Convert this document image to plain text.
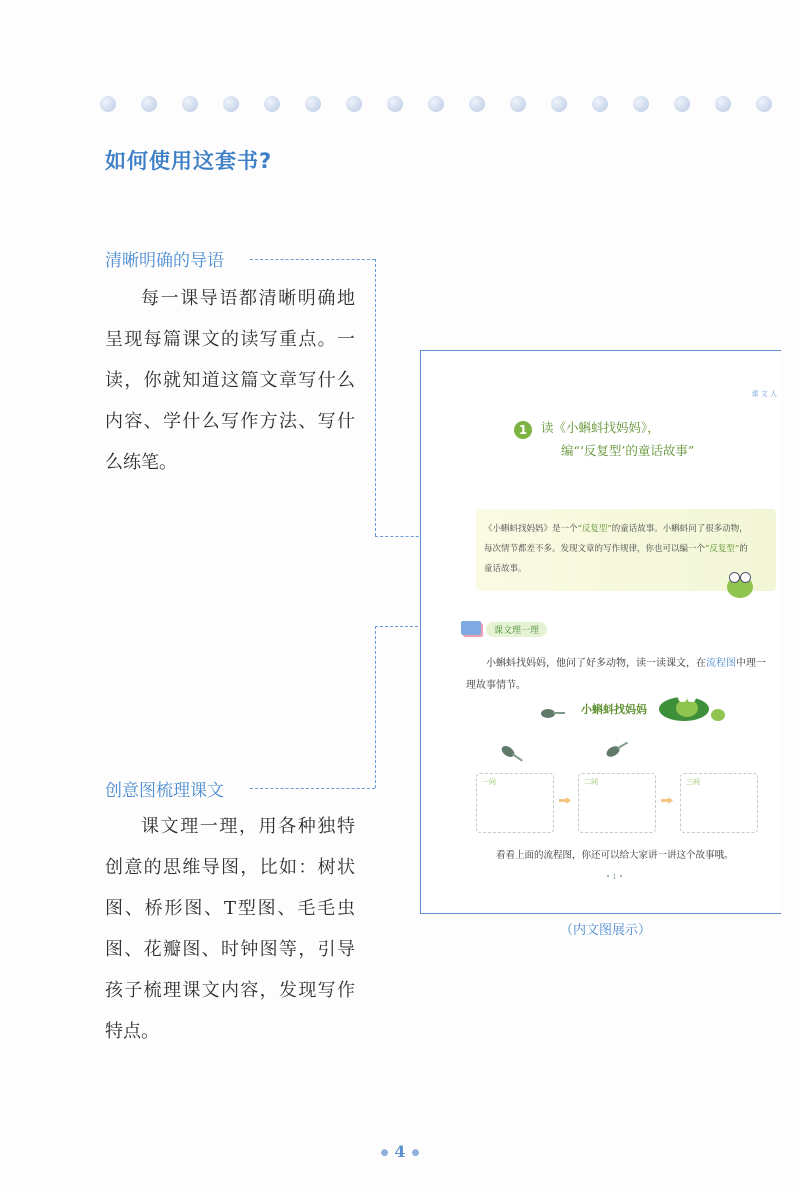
如何使用这套书?
清晰明确的导语

每一课导语都清晰明确地呈现每篇课文的读写重点。一读，你就知道这篇文章写什么内容、学什么写作方法、写什么练笔。

创意图梳理课文

课文理一理，用各种独特创意的思维导图，比如：树状图、桥形图、T型图、毛毛虫图、花瓣图、时钟图等，引导孩子梳理课文内容，发现写作特点。

课 文 人
1	读《小蝌蚪找妈妈》，
编“‘反复型’的童话故事”
《小蝌蚪找妈妈》是一个“反复型”的童话故事。小蝌蚪问了很多动物，每次情节都差不多。发现文章的写作规律，你也可以编一个“反复型”的童话故事。
课文理一理
小蝌蚪找妈妈，他问了好多动物，读一读课文，在流程图中理一理故事情节。
小蝌蚪找妈妈
一问	二问	三问
看看上面的流程图，你还可以给大家讲一讲这个故事哦。
• 1 •
（内文图展示）
● 4 ●
